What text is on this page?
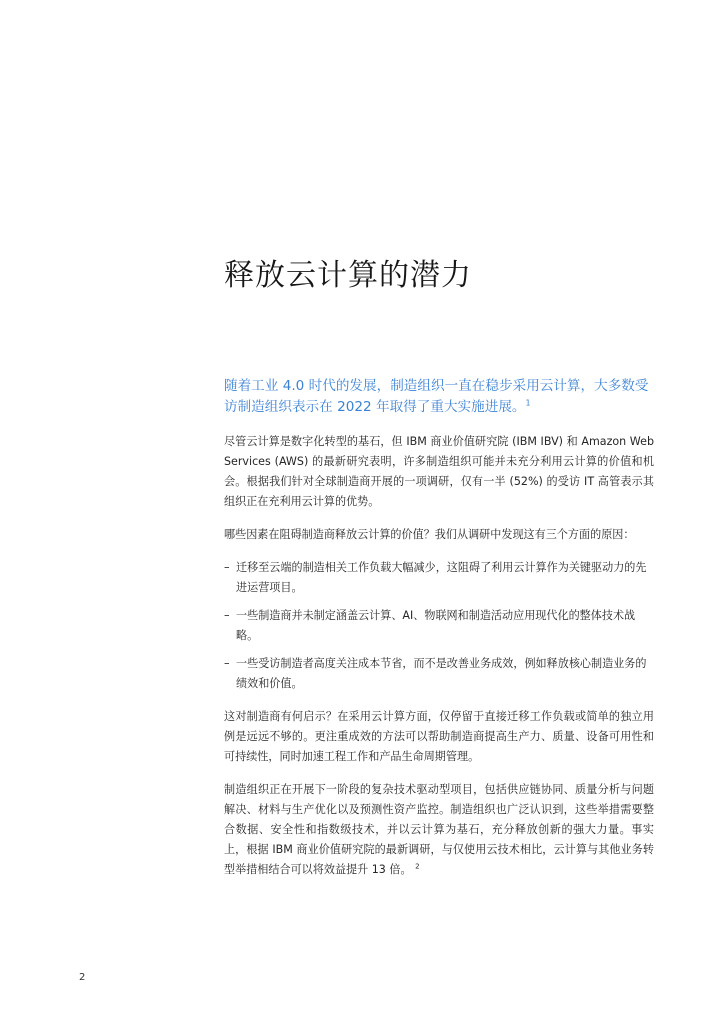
释放云计算的潜力

随着工业 4.0 时代的发展，制造组织一直在稳步采用云计算，大多数受访制造组织表示在 2022 年取得了重大实施进展。$^1$

尽管云计算是数字化转型的基石，但 IBM 商业价值研究院 (IBM IBV) 和 Amazon Web Services (AWS) 的最新研究表明，许多制造组织可能并未充分利用云计算的价值和机会。根据我们针对全球制造商开展的一项调研，仅有一半 (52%) 的受访 IT 高管表示其组织正在充利用云计算的优势。

哪些因素在阻碍制造商释放云计算的价值？我们从调研中发现这有三个方面的原因：

– 迁移至云端的制造相关工作负载大幅减少，这阻碍了利用云计算作为关键驱动力的先进运营项目。
– 一些制造商并未制定涵盖云计算、AI、物联网和制造活动应用现代化的整体技术战略。
– 一些受访制造者高度关注成本节省，而不是改善业务成效，例如释放核心制造业务的绩效和价值。

这对制造商有何启示？在采用云计算方面，仅停留于直接迁移工作负载或简单的独立用例是远远不够的。更注重成效的方法可以帮助制造商提高生产力、质量、设备可用性和可持续性，同时加速工程工作和产品生命周期管理。

制造组织正在开展下一阶段的复杂技术驱动型项目，包括供应链协同、质量分析与问题解决、材料与生产优化以及预测性资产监控。制造组织也广泛认识到，这些举措需要整合数据、安全性和指数级技术，并以云计算为基石，充分释放创新的强大力量。事实上，根据 IBM 商业价值研究院的最新调研，与仅使用云技术相比，云计算与其他业务转型举措相结合可以将效益提升 13 倍。 $^2$

2
